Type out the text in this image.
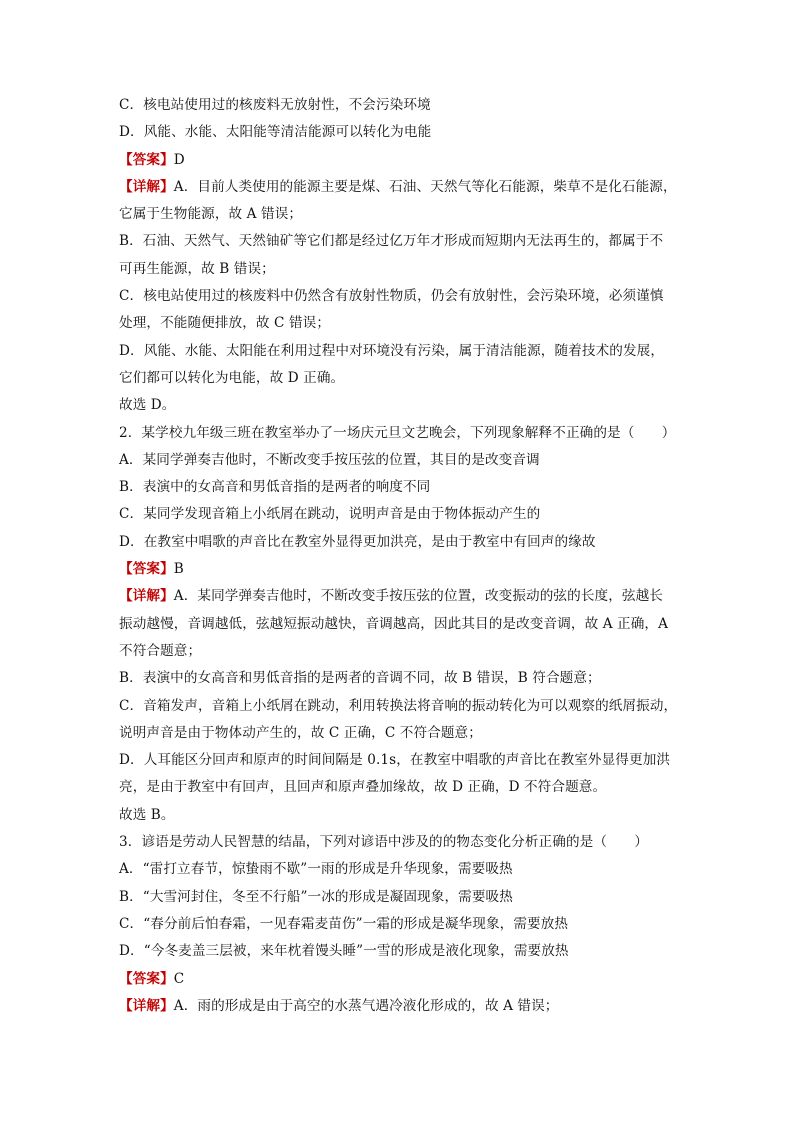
C．核电站使用过的核废料无放射性，不会污染环境
D．风能、水能、太阳能等清洁能源可以转化为电能
【答案】D
【详解】A．目前人类使用的能源主要是煤、石油、天然气等化石能源，柴草不是化石能源，
它属于生物能源，故 A 错误；
B．石油、天然气、天然铀矿等它们都是经过亿万年才形成而短期内无法再生的，都属于不
可再生能源，故 B 错误；
C．核电站使用过的核废料中仍然含有放射性物质，仍会有放射性，会污染环境，必须谨慎
处理，不能随便排放，故 C 错误；
D．风能、水能、太阳能在利用过程中对环境没有污染，属于清洁能源，随着技术的发展，
它们都可以转化为电能，故 D 正确。
故选 D。
2．某学校九年级三班在教室举办了一场庆元旦文艺晚会，下列现象解释不正确的是（　　）
A．某同学弹奏吉他时，不断改变手按压弦的位置，其目的是改变音调
B．表演中的女高音和男低音指的是两者的响度不同
C．某同学发现音箱上小纸屑在跳动，说明声音是由于物体振动产生的
D．在教室中唱歌的声音比在教室外显得更加洪亮，是由于教室中有回声的缘故
【答案】B
【详解】A．某同学弹奏吉他时，不断改变手按压弦的位置，改变振动的弦的长度，弦越长
振动越慢，音调越低，弦越短振动越快，音调越高，因此其目的是改变音调，故 A 正确，A
不符合题意；
B．表演中的女高音和男低音指的是两者的音调不同，故 B 错误，B 符合题意；
C．音箱发声，音箱上小纸屑在跳动，利用转换法将音响的振动转化为可以观察的纸屑振动，
说明声音是由于物体动产生的，故 C 正确，C 不符合题意；
D．人耳能区分回声和原声的时间间隔是 0.1s，在教室中唱歌的声音比在教室外显得更加洪
亮，是由于教室中有回声，且回声和原声叠加缘故，故 D 正确，D 不符合题意。
故选 B。
3．谚语是劳动人民智慧的结晶，下列对谚语中涉及的的物态变化分析正确的是（　　）
A．“雷打立春节，惊蛰雨不歇”一雨的形成是升华现象，需要吸热
B．“大雪河封住，冬至不行船”一冰的形成是凝固现象，需要吸热
C．“春分前后怕春霜，一见春霜麦苗伤”一霜的形成是凝华现象，需要放热
D．“今冬麦盖三层被，来年枕着馒头睡”一雪的形成是液化现象，需要放热
【答案】C
【详解】A．雨的形成是由于高空的水蒸气遇冷液化形成的，故 A 错误；
